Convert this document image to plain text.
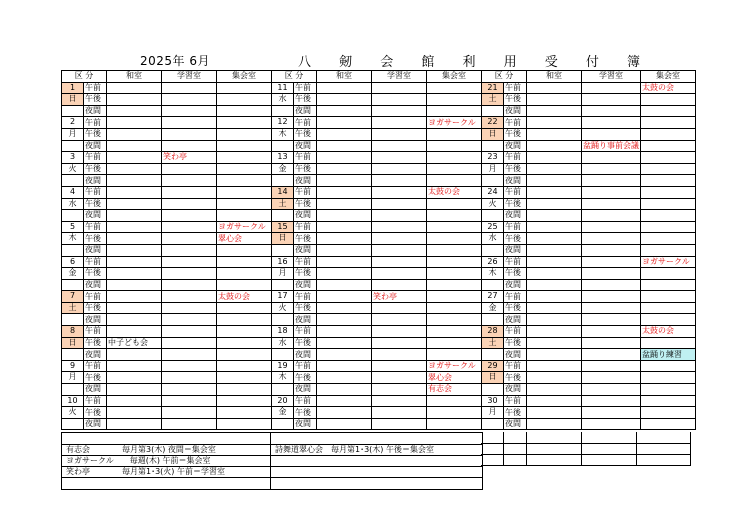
2025年 6月	八 剱 会 館 利 用 受 付 簿
区 分		和室	学習室	集会室
1	午前			
日	午後			
	夜間			
2	午前			
月	午後			
	夜間			
3	午前		笑わ亭	
火	午後			
	夜間			
4	午前			
水	午後			
	夜間			
5	午前			ヨガサークル
木	午後			翠心会
	夜間			
6	午前			
金	午後			
	夜間			
7	午前			太鼓の会
土	午後			
	夜間			
8	午前			
日	午後	中子ども会		
	夜間			
9	午前			
月	午後			
	夜間			
10	午前			
火	午後			
	夜間			
区 分		和室	学習室	集会室
11	午前			
水	午後			
	夜間			
12	午前			ヨガサークル
木	午後			
	夜間			
13	午前			
金	午後			
	夜間			
14	午前			太鼓の会
土	午後			
	夜間			
15	午前			
日	午後			
	夜間			
16	午前			
月	午後			
	夜間			
17	午前		笑わ亭	
火	午後			
	夜間			
18	午前			
水	午後			
	夜間			
19	午前			ヨガサークル
木	午後			翠心会
	夜間			有志会
20	午前			
金	午後			
	夜間			
区 分		和室	学習室	集会室
21	午前			太鼓の会
土	午後			
	夜間			
22	午前			
日	午後			
	夜間		盆踊り事前会議	
23	午前			
月	午後			
	夜間			
24	午前			
火	午後			
	夜間			
25	午前			
水	午後			
	夜間			
26	午前			ヨガサークル
木	午後			
	夜間			
27	午前			
金	午後			
	夜間			
28	午前			太鼓の会
土	午後			
	夜間			盆踊り練習
29	午前			
日	午後			
	夜間			
30	午前			
月	午後			
	夜間			
有志会　　　　毎月第3(木) 夜間＝集会室
ヨガサークル　　毎週(木) 午前＝集会室
笑わ亭　　　　毎月第1･3(火) 午前＝学習室
詩舞道翠心会　毎月第1･3(木) 午後＝集会室
